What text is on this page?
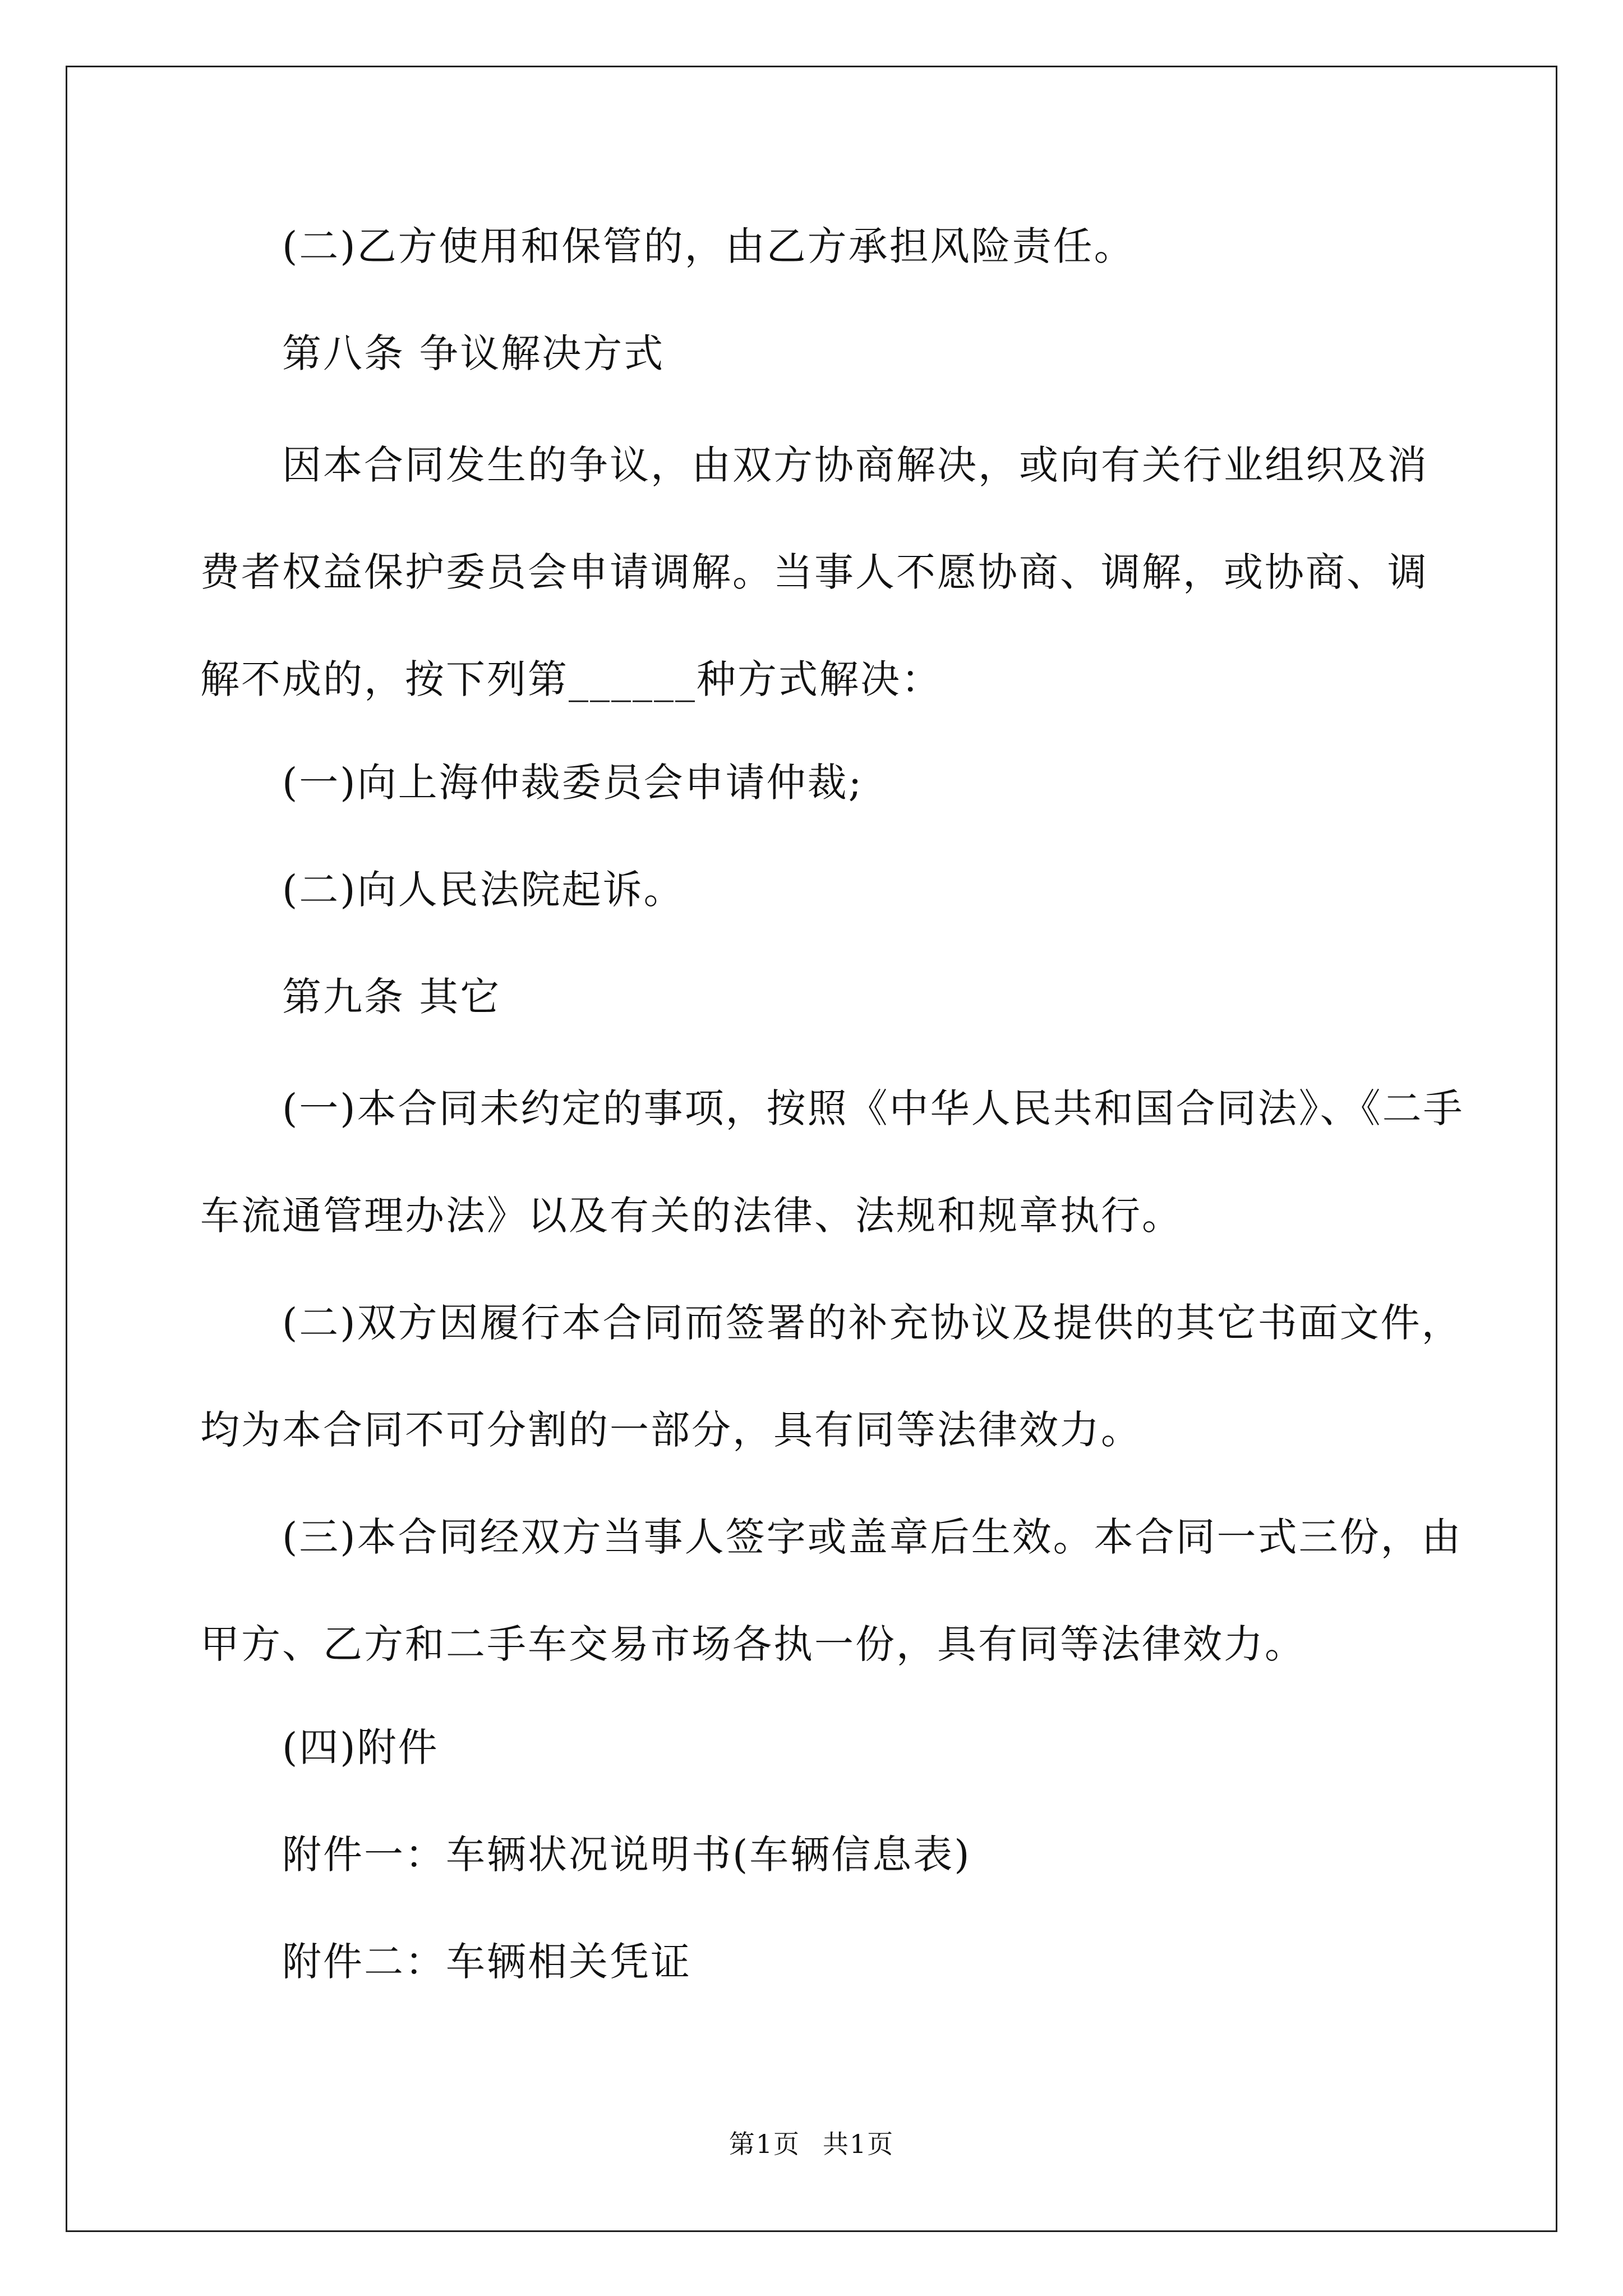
(二)乙方使用和保管的，由乙方承担风险责任。
第八条 争议解决方式
因本合同发生的争议，由双方协商解决，或向有关行业组织及消费者权益保护委员会申请调解。当事人不愿协商、调解，或协商、调解不成的，按下列第______种方式解决：
(一)向上海仲裁委员会申请仲裁;
(二)向人民法院起诉。
第九条 其它
(一)本合同未约定的事项，按照《中华人民共和国合同法》、《二手车流通管理办法》以及有关的法律、法规和规章执行。
(二)双方因履行本合同而签署的补充协议及提供的其它书面文件，均为本合同不可分割的一部分，具有同等法律效力。
(三)本合同经双方当事人签字或盖章后生效。本合同一式三份，由甲方、乙方和二手车交易市场各执一份，具有同等法律效力。
(四)附件
附件一：车辆状况说明书(车辆信息表)
附件二：车辆相关凭证
第1页 共1页
